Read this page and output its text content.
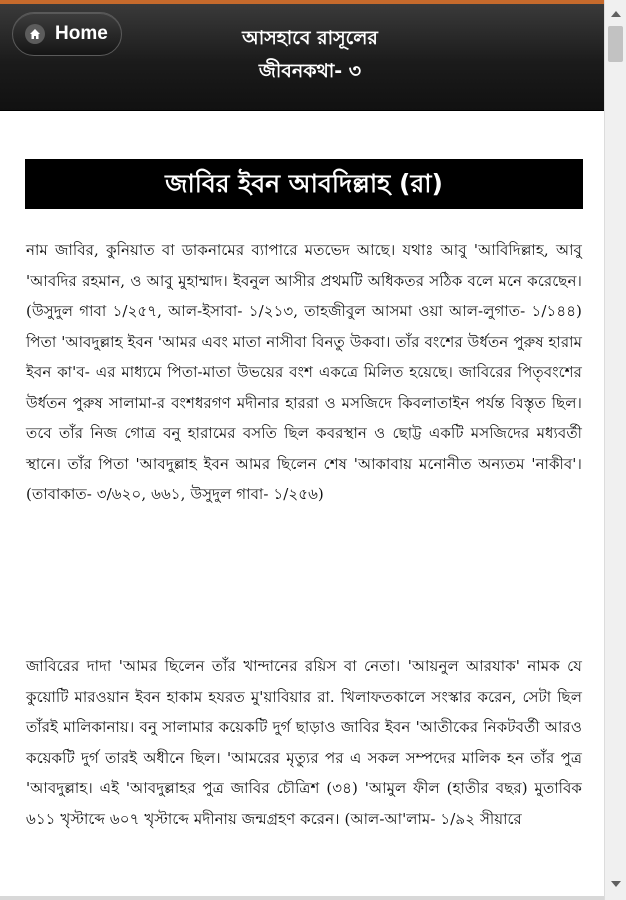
Home	আসহাবে রাসূলের
জীবনকথা- ৩
জাবির ইবন আবদিল্লাহ (রা)

নাম জাবির, কুনিয়াত বা ডাকনামের ব্যাপারে মতভেদ আছে। যথাঃ আবু 'আবিদিল্লাহ, আবু 'আবদির রহমান, ও আবু মুহাম্মাদ। ইবনুল আসীর প্রথমটি অধিকতর সঠিক বলে মনে করেছেন। (উসুদুল গাবা ১/২৫৭, আল-ইসাবা- ১/২১৩, তাহজীবুল আসমা ওয়া আল-লুগাত- ১/১৪৪) পিতা 'আবদুল্লাহ ইবন 'আমর এবং মাতা নাসীবা বিনতু উকবা। তাঁর বংশের উর্ধতন পুরুষ হারাম ইবন কা'ব- এর মাধ্যমে পিতা-মাতা উভয়ের বংশ একত্রে মিলিত হয়েছে। জাবিরের পিতৃবংশের উর্ধতন পুরুষ সালামা-র বংশধরগণ মদীনার হাররা ও মসজিদে কিবলাতাইন পর্যন্ত বিস্তৃত ছিল। তবে তাঁর নিজ গোত্র বনু হারামের বসতি ছিল কবরস্থান ও ছোট্ট একটি মসজিদের মধ্যবর্তী স্থানে। তাঁর পিতা 'আবদুল্লাহ ইবন আমর ছিলেন শেষ 'আকাবায় মনোনীত অন্যতম 'নাকীব'। (তাবাকাত- ৩/৬২০, ৬৬১, উসুদুল গাবা- ১/২৫৬)

জাবিরের দাদা 'আমর ছিলেন তাঁর খান্দানের রয়িস বা নেতা। 'আয়নুল আরযাক' নামক যে কুয়োটি মারওয়ান ইবন হাকাম হযরত মু'য়াবিয়ার রা. খিলাফতকালে সংস্কার করেন, সেটা ছিল তাঁরই মালিকানায়। বনু সালামার কয়েকটি দুর্গ ছাড়াও জাবির ইবন 'আতীকের নিকটবর্তী আরও কয়েকটি দুর্গ তারই অধীনে ছিল। 'আমরের মৃত্যুর পর এ সকল সম্পদের মালিক হন তাঁর পুত্র 'আবদুল্লাহ। এই 'আবদুল্লাহর পুত্র জাবির চৌত্রিশ (৩৪) 'আমুল ফীল (হাতীর বছর) মুতাবিক ৬১১ খৃস্টাব্দে ৬০৭ খৃস্টাব্দে মদীনায় জন্মগ্রহণ করেন। (আল-আ'লাম- ১/৯২ সীয়ারে
